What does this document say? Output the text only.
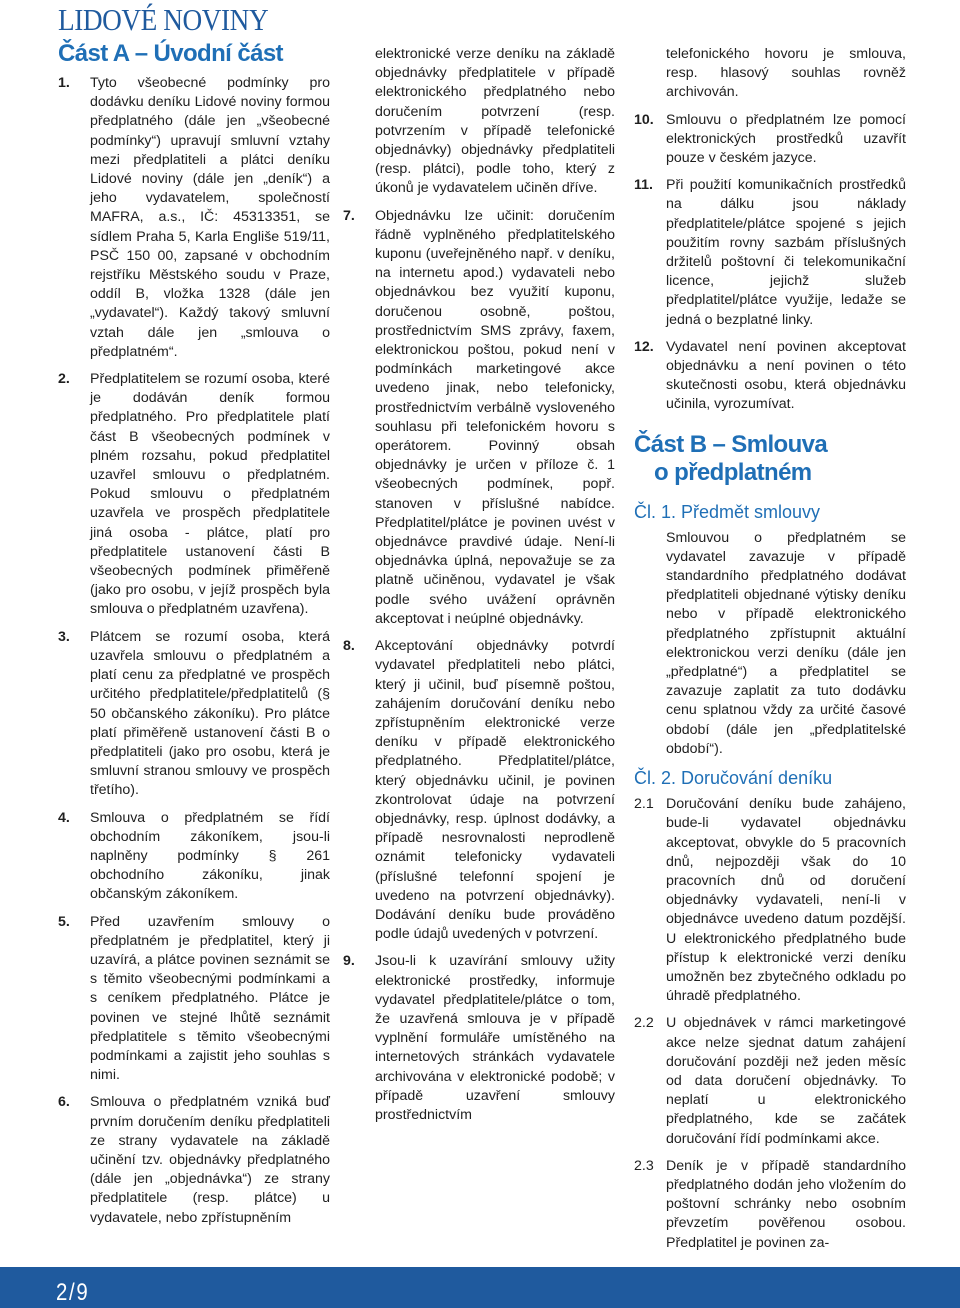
LIDOVÉ NOVINY
Část A – Úvodní část
1.	Tyto všeobecné podmínky pro dodávku deníku Lidové noviny formou předplatného (dále jen „všeobecné podmínky“) upravují smluvní vztahy mezi předplatiteli a plátci deníku Lidové noviny (dále jen „deník“) a jeho vydavatelem, společností MAFRA, a.s., IČ: 45313351, se sídlem Praha 5, Karla Engliše 519/11, PSČ 150 00, zapsané v obchodním rejstříku Městského soudu v Praze, oddíl B, vložka 1328 (dále jen „vydavatel“). Každý takový smluvní vztah dále jen „smlouva o předplatném“.
2.	Předplatitelem se rozumí osoba, které je dodáván deník formou předplatného. Pro předplatitele platí část B všeobecných podmínek v plném rozsahu, pokud předplatitel uzavřel smlouvu o předplatném. Pokud smlouvu o předplatném uzavřela ve prospěch předplatitele jiná osoba - plátce, platí pro předplatitele ustanovení části B všeobecných podmínek přiměřeně (jako pro osobu, v jejíž prospěch byla smlouva o předplatném uzavřena).
3.	Plátcem se rozumí osoba, která uzavřela smlouvu o předplatném a platí cenu za předplatné ve prospěch určitého předplatitele/předplatitelů (§ 50 občanského zákoníku). Pro plátce platí přiměřeně ustanovení části B o předplatiteli (jako pro osobu, která je smluvní stranou smlouvy ve prospěch třetího).
4.	Smlouva o předplatném se řídí obchodním zákoníkem, jsou-li naplněny podmínky § 261 obchodního zákoníku, jinak občanským zákoníkem.
5.	Před uzavřením smlouvy o předplatném je předplatitel, který ji uzavírá, a plátce povinen seznámit se s těmito všeobecnými podmínkami a s ceníkem předplatného. Plátce je povinen ve stejné lhůtě seznámit předplatitele s těmito všeobecnými podmínkami a zajistit jeho souhlas s nimi.
6.	Smlouva o předplatném vzniká buď prvním doručením deníku předplatiteli ze strany vydavatele na základě učinění tzv. objednávky předplatného (dále jen „objednávka“) ze strany předplatitele (resp. plátce) u vydavatele, nebo zpřístupněním
elektronické verze deníku na základě objednávky předplatitele v případě elektronického předplatného nebo doručením potvrzení (resp. potvrzením v případě telefonické objednávky) objednávky předplatiteli (resp. plátci), podle toho, který z úkonů je vydavatelem učiněn dříve.
7.	Objednávku lze učinit: doručením řádně vyplněného předplatitelského kuponu (uveřejněného např. v deníku, na internetu apod.) vydavateli nebo objednávkou bez využití kuponu, doručenou osobně, poštou, prostřednictvím SMS zprávy, faxem, elektronickou poštou, pokud není v podmínkách marketingové akce uvedeno jinak, nebo telefonicky, prostřednictvím verbálně vysloveného souhlasu při telefonickém hovoru s operátorem. Povinný obsah objednávky je určen v příloze č. 1 všeobecných podmínek, popř. stanoven v příslušné nabídce. Předplatitel/plátce je povinen uvést v objednávce pravdivé údaje. Není-li objednávka úplná, nepovažuje se za platně učiněnou, vydavatel je však podle svého uvážení oprávněn akceptovat i neúplné objednávky.
8.	Akceptování objednávky potvrdí vydavatel předplatiteli nebo plátci, který ji učinil, buď písemně poštou, zahájením doručování deníku nebo zpřístupněním elektronické verze deníku v případě elektronického předplatného. Předplatitel/plátce, který objednávku učinil, je povinen zkontrolovat údaje na potvrzení objednávky, resp. úplnost dodávky, a případě nesrovnalosti neprodleně oznámit telefonicky vydavateli (příslušné telefonní spojení je uvedeno na potvrzení objednávky). Dodávání deníku bude prováděno podle údajů uvedených v potvrzení.
9.	Jsou-li k uzavírání smlouvy užity elektronické prostředky, informuje vydavatel předplatitele/plátce o tom, že uzavřená smlouva je v případě vyplnění formuláře umístěného na internetových stránkách vydavatele archivována v elektronické podobě; v případě uzavření smlouvy prostřednictvím
telefonického hovoru je smlouva, resp. hlasový souhlas rovněž archivován.
10. Smlouvu o předplatném lze pomocí elektronických prostředků uzavřít pouze v českém jazyce.
11. Při použití komunikačních prostředků na dálku jsou náklady předplatitele/plátce spojené s jejich použitím rovny sazbám příslušných držitelů poštovní či telekomunikační licence, jejichž služeb předplatitel/plátce využije, ledaže se jedná o bezplatné linky.
12. Vydavatel není povinen akceptovat objednávku a není povinen o této skutečnosti osobu, která objednávku učinila, vyrozumívat.
Část B – Smlouva
o předplatném
Čl. 1. Předmět smlouvy
Smlouvou o předplatném se vydavatel zavazuje v případě standardního předplatného dodávat předplatiteli objednané výtisky deníku nebo v případě elektronického předplatného zpřístupnit aktuální elektronickou verzi deníku (dále jen „předplatné“) a předplatitel se zavazuje zaplatit za tuto dodávku cenu splatnou vždy za určité časové období (dále jen „předplatitelské období“).
Čl. 2. Doručování deníku
2.1 Doručování deníku bude zahájeno, bude-li vydavatel objednávku akceptovat, obvykle do 5 pracovních dnů, nejpozději však do 10 pracovních dnů od doručení objednávky vydavateli, není-li v objednávce uvedeno datum pozdější. U elektronického předplatného bude přístup k elektronické verzi deníku umožněn bez zbytečného odkladu po úhradě předplatného.
2.2 U objednávek v rámci marketingové akce nelze sjednat datum zahájení doručování později než jeden měsíc od data doručení objednávky. To neplatí u elektronického předplatného, kde se začátek doručování řídí podmínkami akce.
2.3 Deník je v případě standardního předplatného dodán jeho vložením do poštovní schránky nebo osobním převzetím pověřenou osobou. Předplatitel je povinen za-
2/9
